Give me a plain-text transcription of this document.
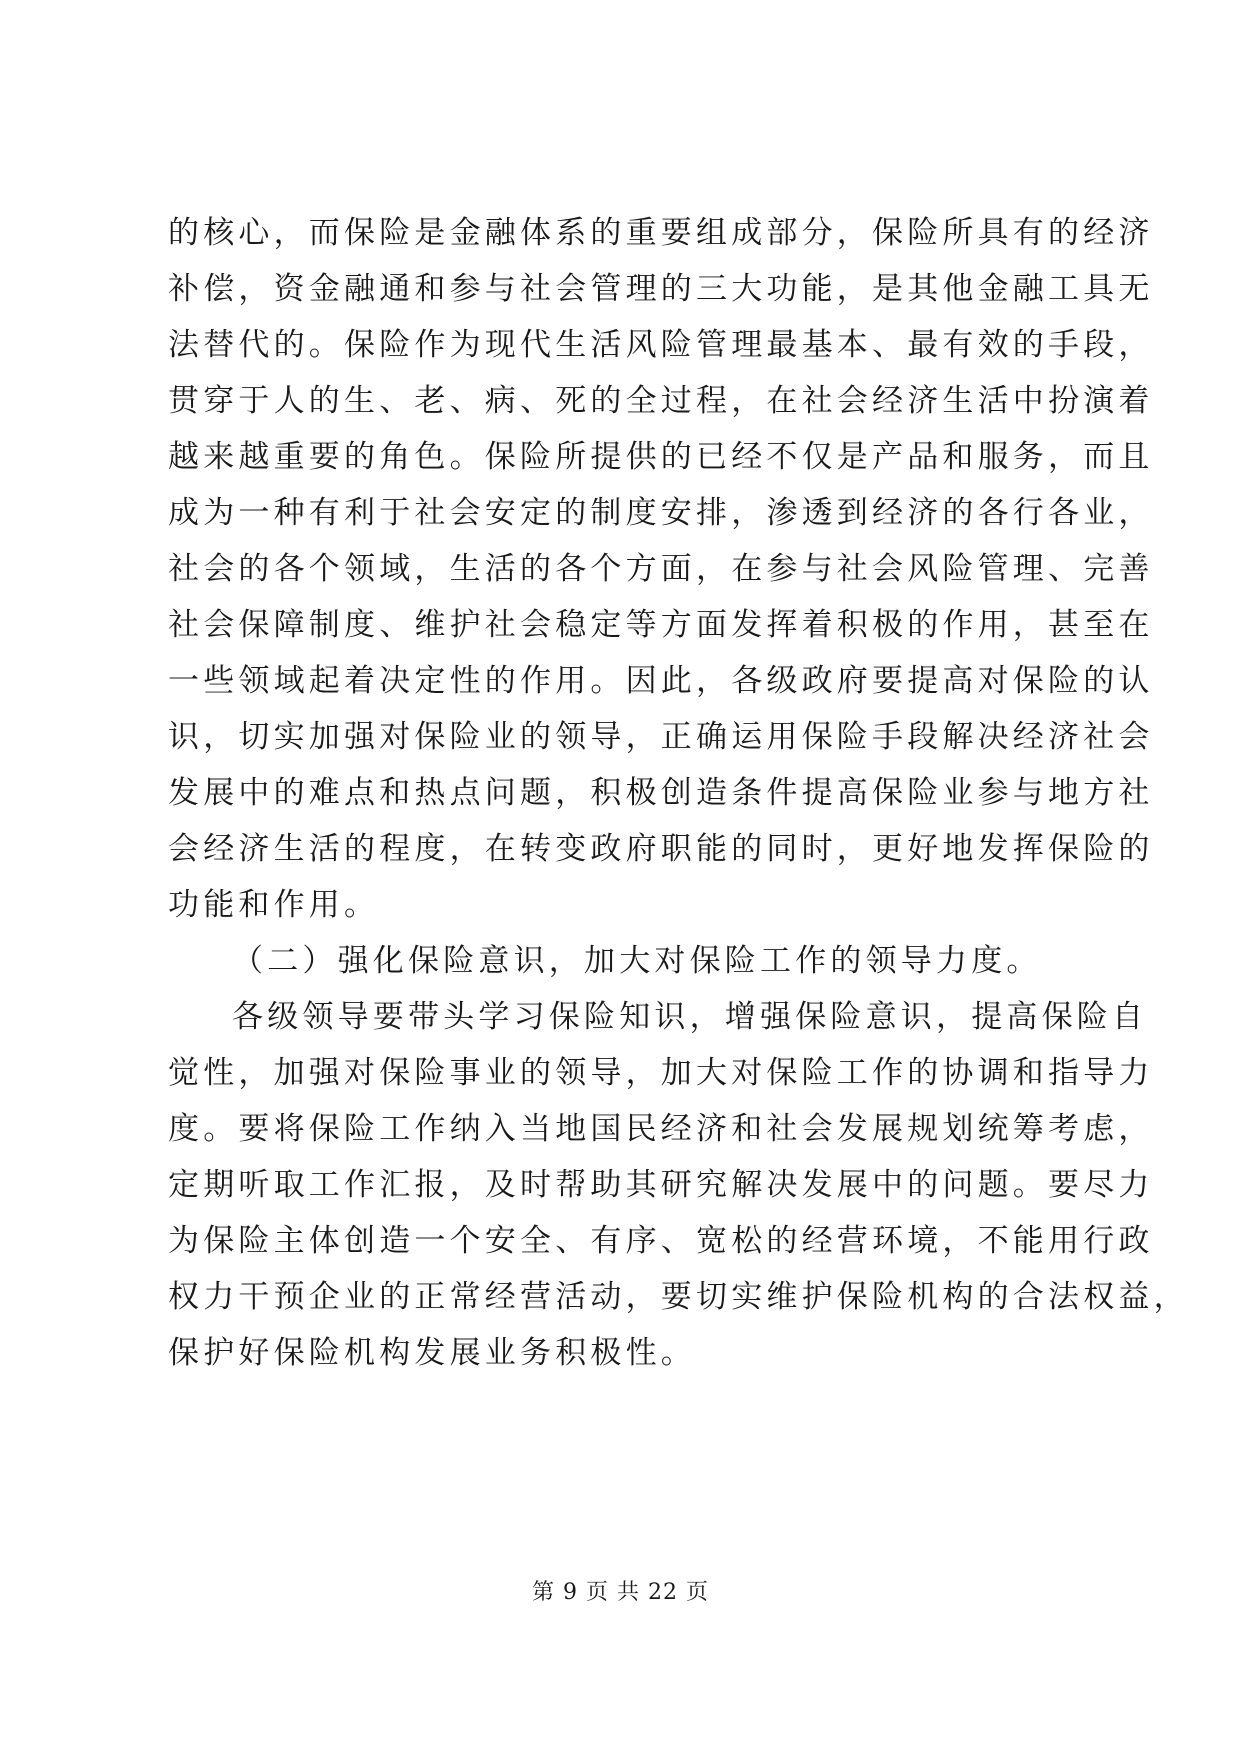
的核心，而保险是金融体系的重要组成部分，保险所具有的经济
补偿，资金融通和参与社会管理的三大功能，是其他金融工具无
法替代的。保险作为现代生活风险管理最基本、最有效的手段，
贯穿于人的生、老、病、死的全过程，在社会经济生活中扮演着
越来越重要的角色。保险所提供的已经不仅是产品和服务，而且
成为一种有利于社会安定的制度安排，渗透到经济的各行各业，
社会的各个领域，生活的各个方面，在参与社会风险管理、完善
社会保障制度、维护社会稳定等方面发挥着积极的作用，甚至在
一些领域起着决定性的作用。因此，各级政府要提高对保险的认
识，切实加强对保险业的领导，正确运用保险手段解决经济社会
发展中的难点和热点问题，积极创造条件提高保险业参与地方社
会经济生活的程度，在转变政府职能的同时，更好地发挥保险的
功能和作用。
（二）强化保险意识，加大对保险工作的领导力度。
各级领导要带头学习保险知识，增强保险意识，提高保险自
觉性，加强对保险事业的领导，加大对保险工作的协调和指导力
度。要将保险工作纳入当地国民经济和社会发展规划统筹考虑，
定期听取工作汇报，及时帮助其研究解决发展中的问题。要尽力
为保险主体创造一个安全、有序、宽松的经营环境，不能用行政
权力干预企业的正常经营活动，要切实维护保险机构的合法权益，
保护好保险机构发展业务积极性。
第 9 页 共 22 页
